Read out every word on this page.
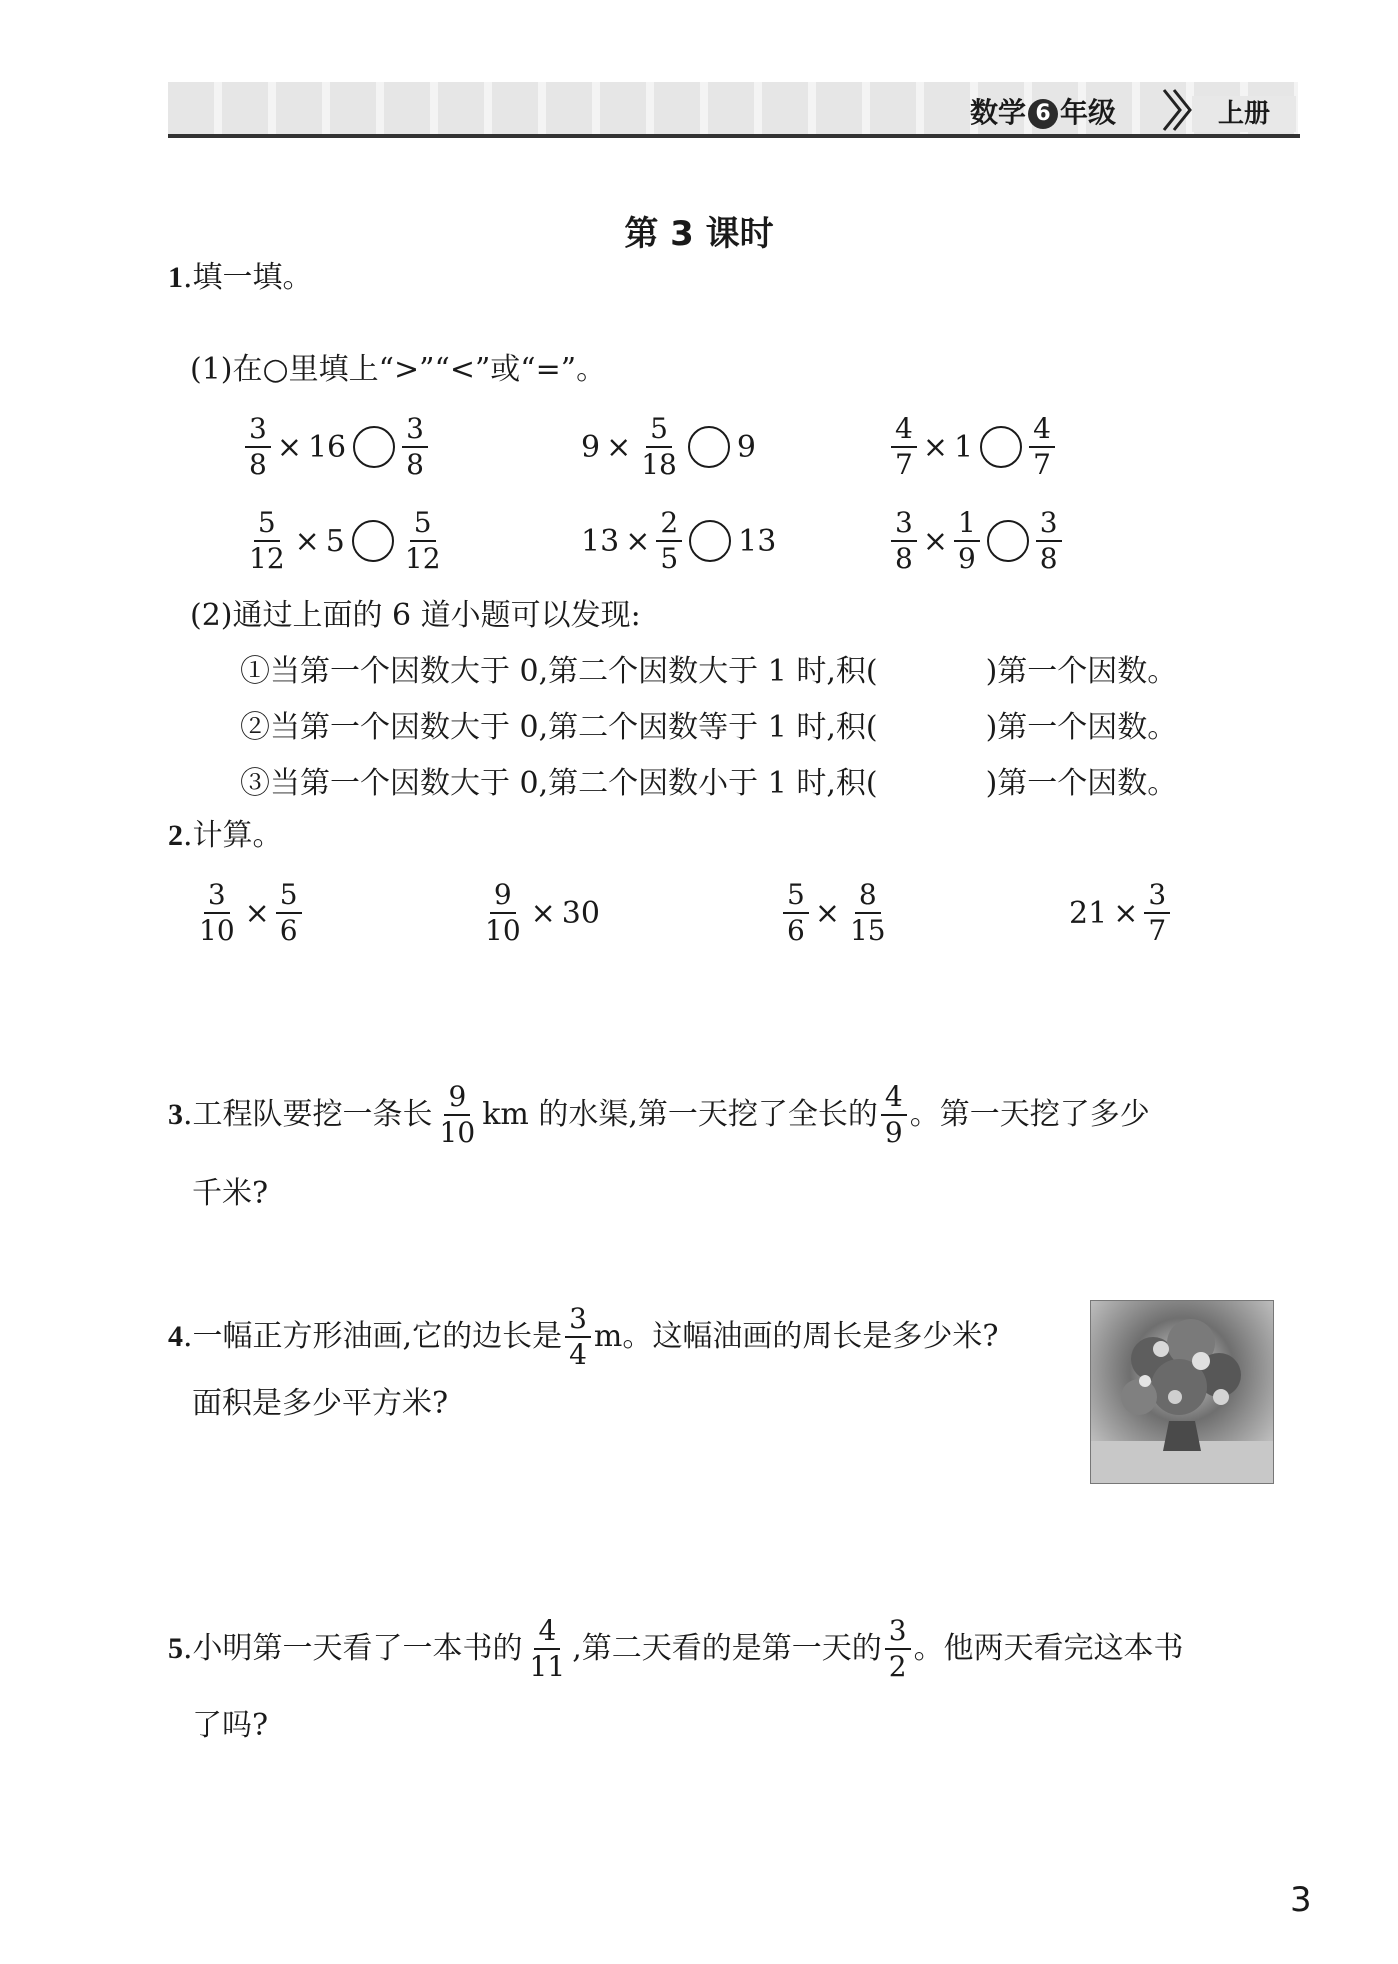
数学 6 年级	上册
第 3 课时
1 .填一填。
(1)在○里填上“>”“<”或“=”。
$\frac{3}{8} \times 16 \frac{3}{8}$	$9 \times \frac{5}{18} 9$	$\frac{4}{7} \times 1 \frac{4}{7}$
$\frac{5}{12} \times 5 \frac{5}{12}$	$13 \times \frac{2}{5} 13$	$\frac{3}{8} \times \frac{1}{9} \frac{3}{8}$
(2)通过上面的 6 道小题可以发现:
①当第一个因数大于 0,第二个因数大于 1 时,积(	)第一个因数。
②当第一个因数大于 0,第二个因数等于 1 时,积(	)第一个因数。
③当第一个因数大于 0,第二个因数小于 1 时,积(	)第一个因数。
2 .计算。
$\frac{3}{10} \times \frac{5}{6}$	$\frac{9}{10} \times 30$	$\frac{5}{6} \times \frac{8}{15}$	$21 \times \frac{3}{7}$
3 .工程队要挖一条长 $\frac{9}{10}$ km 的水渠,第一天挖了全长的 $\frac{4}{9}$ 。第一天挖了多少
千米?
4 .一幅正方形油画,它的边长是 $\frac{3}{4}$ m。这幅油画的周长是多少米?
面积是多少平方米?
5 .小明第一天看了一本书的 $\frac{4}{11}$ ,第二天看的是第一天的 $\frac{3}{2}$ 。他两天看完这本书
了吗?
3
